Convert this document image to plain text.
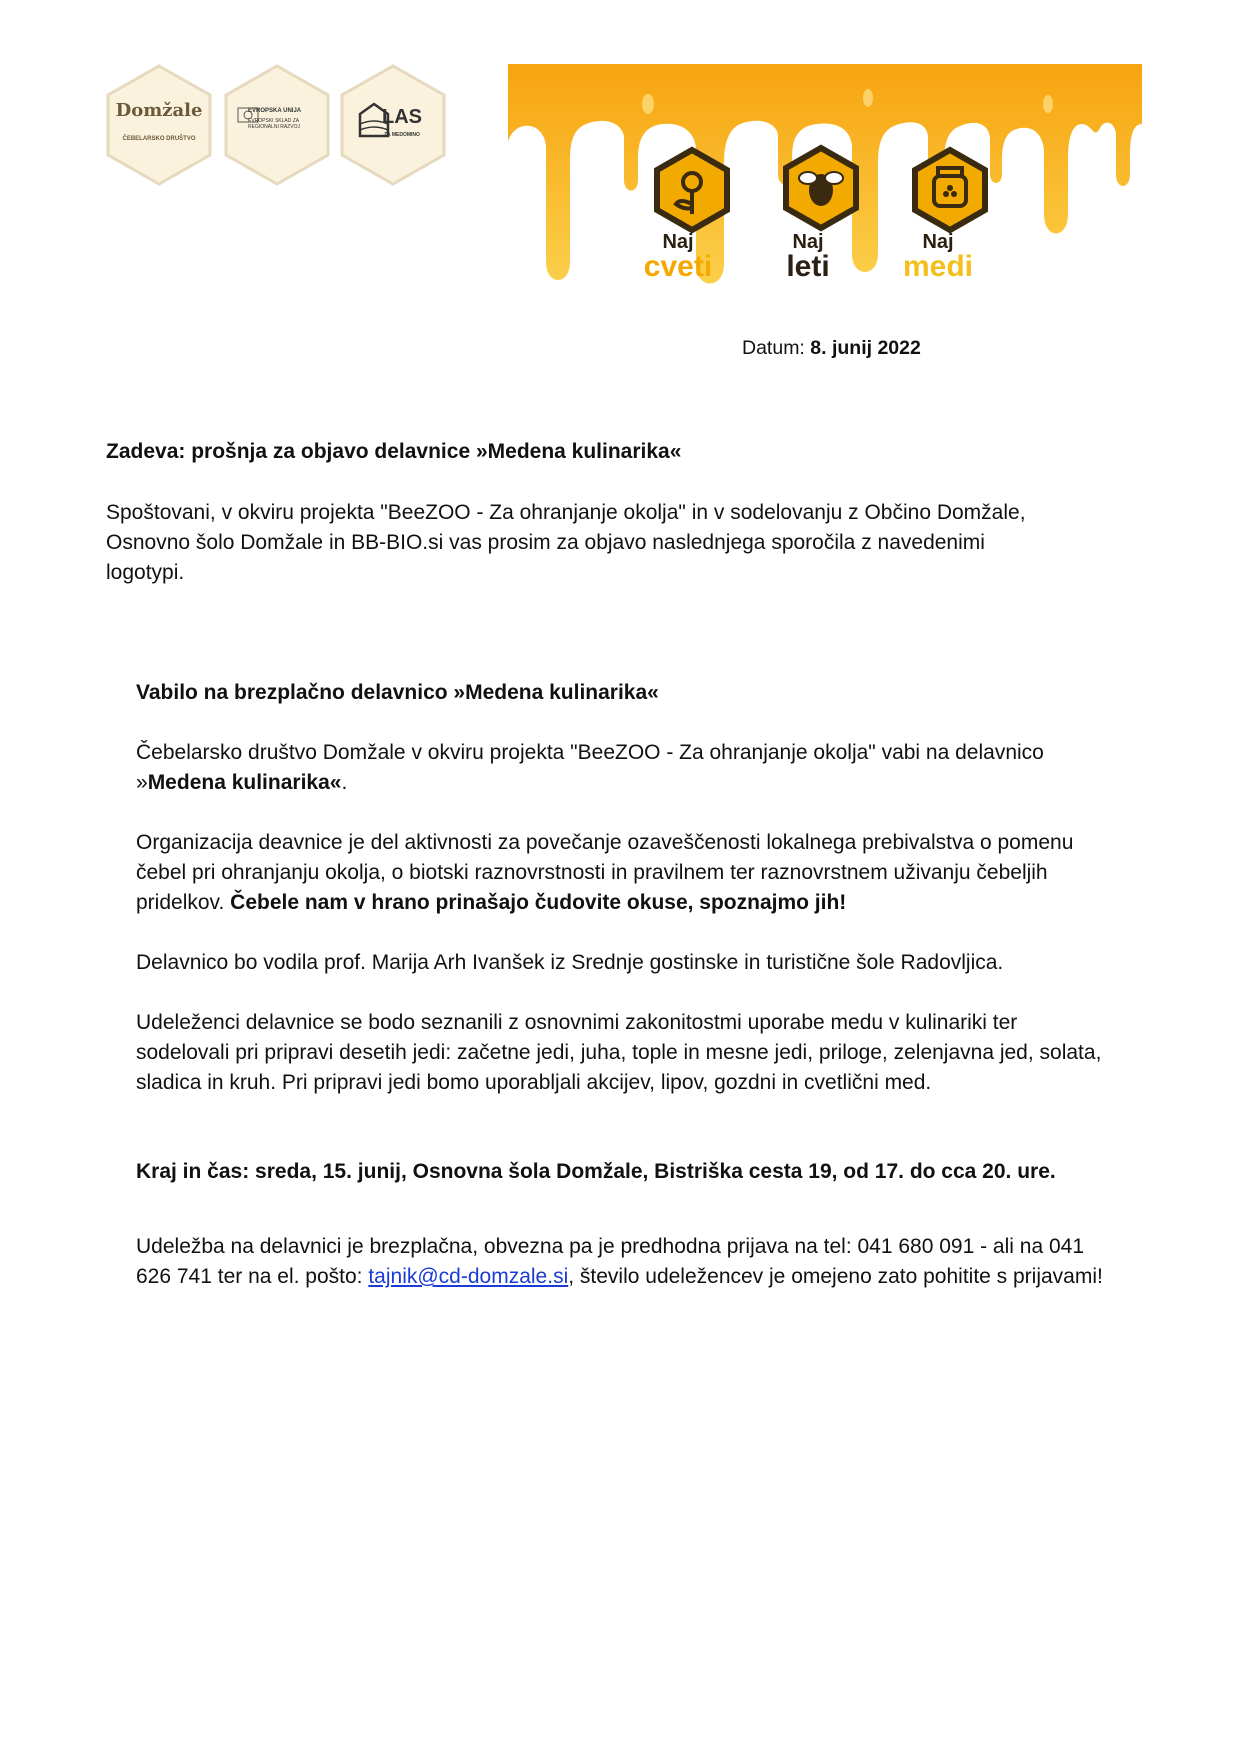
Domžale
ČEBELARSKO DRUŠTVO
EVROPSKA UNIJA
EVROPSKI SKLAD ZA REGIONALNI RAZVOJ	LAS
ZA MEDOMINO
Naj
cveti
Naj
leti
Naj
medi
Datum: 8. junij 2022
Zadeva: prošnja za objavo delavnice »Medena kulinarika«
Spoštovani, v okviru projekta "BeeZOO - Za ohranjanje okolja" in v sodelovanju z Občino Domžale, Osnovno šolo Domžale in BB-BIO.si vas prosim za objavo naslednjega sporočila z navedenimi logotypi.
Vabilo na brezplačno delavnico »Medena kulinarika«
Čebelarsko društvo Domžale v okviru projekta "BeeZOO - Za ohranjanje okolja" vabi na delavnico »Medena kulinarika«.
Organizacija deavnice je del aktivnosti za povečanje ozaveščenosti lokalnega prebivalstva o pomenu čebel pri ohranjanju okolja, o biotski raznovrstnosti in pravilnem ter raznovrstnem uživanju čebeljih pridelkov. Čebele nam v hrano prinašajo čudovite okuse, spoznajmo jih!
Delavnico bo vodila prof. Marija Arh Ivanšek iz Srednje gostinske in turistične šole Radovljica.
Udeleženci delavnice se bodo seznanili z osnovnimi zakonitostmi uporabe medu v kulinariki ter sodelovali pri pripravi desetih jedi: začetne jedi, juha, tople in mesne jedi, priloge, zelenjavna jed, solata, sladica in kruh. Pri pripravi jedi bomo uporabljali akcijev, lipov, gozdni in cvetlični med.
Kraj in čas: sreda, 15. junij, Osnovna šola Domžale, Bistriška cesta 19, od 17. do cca 20. ure.
Udeležba na delavnici je brezplačna, obvezna pa je predhodna prijava na tel: 041 680 091 - ali na 041 626 741 ter na el. pošto: tajnik@cd-domzale.si, število udeležencev je omejeno zato pohitite s prijavami!
